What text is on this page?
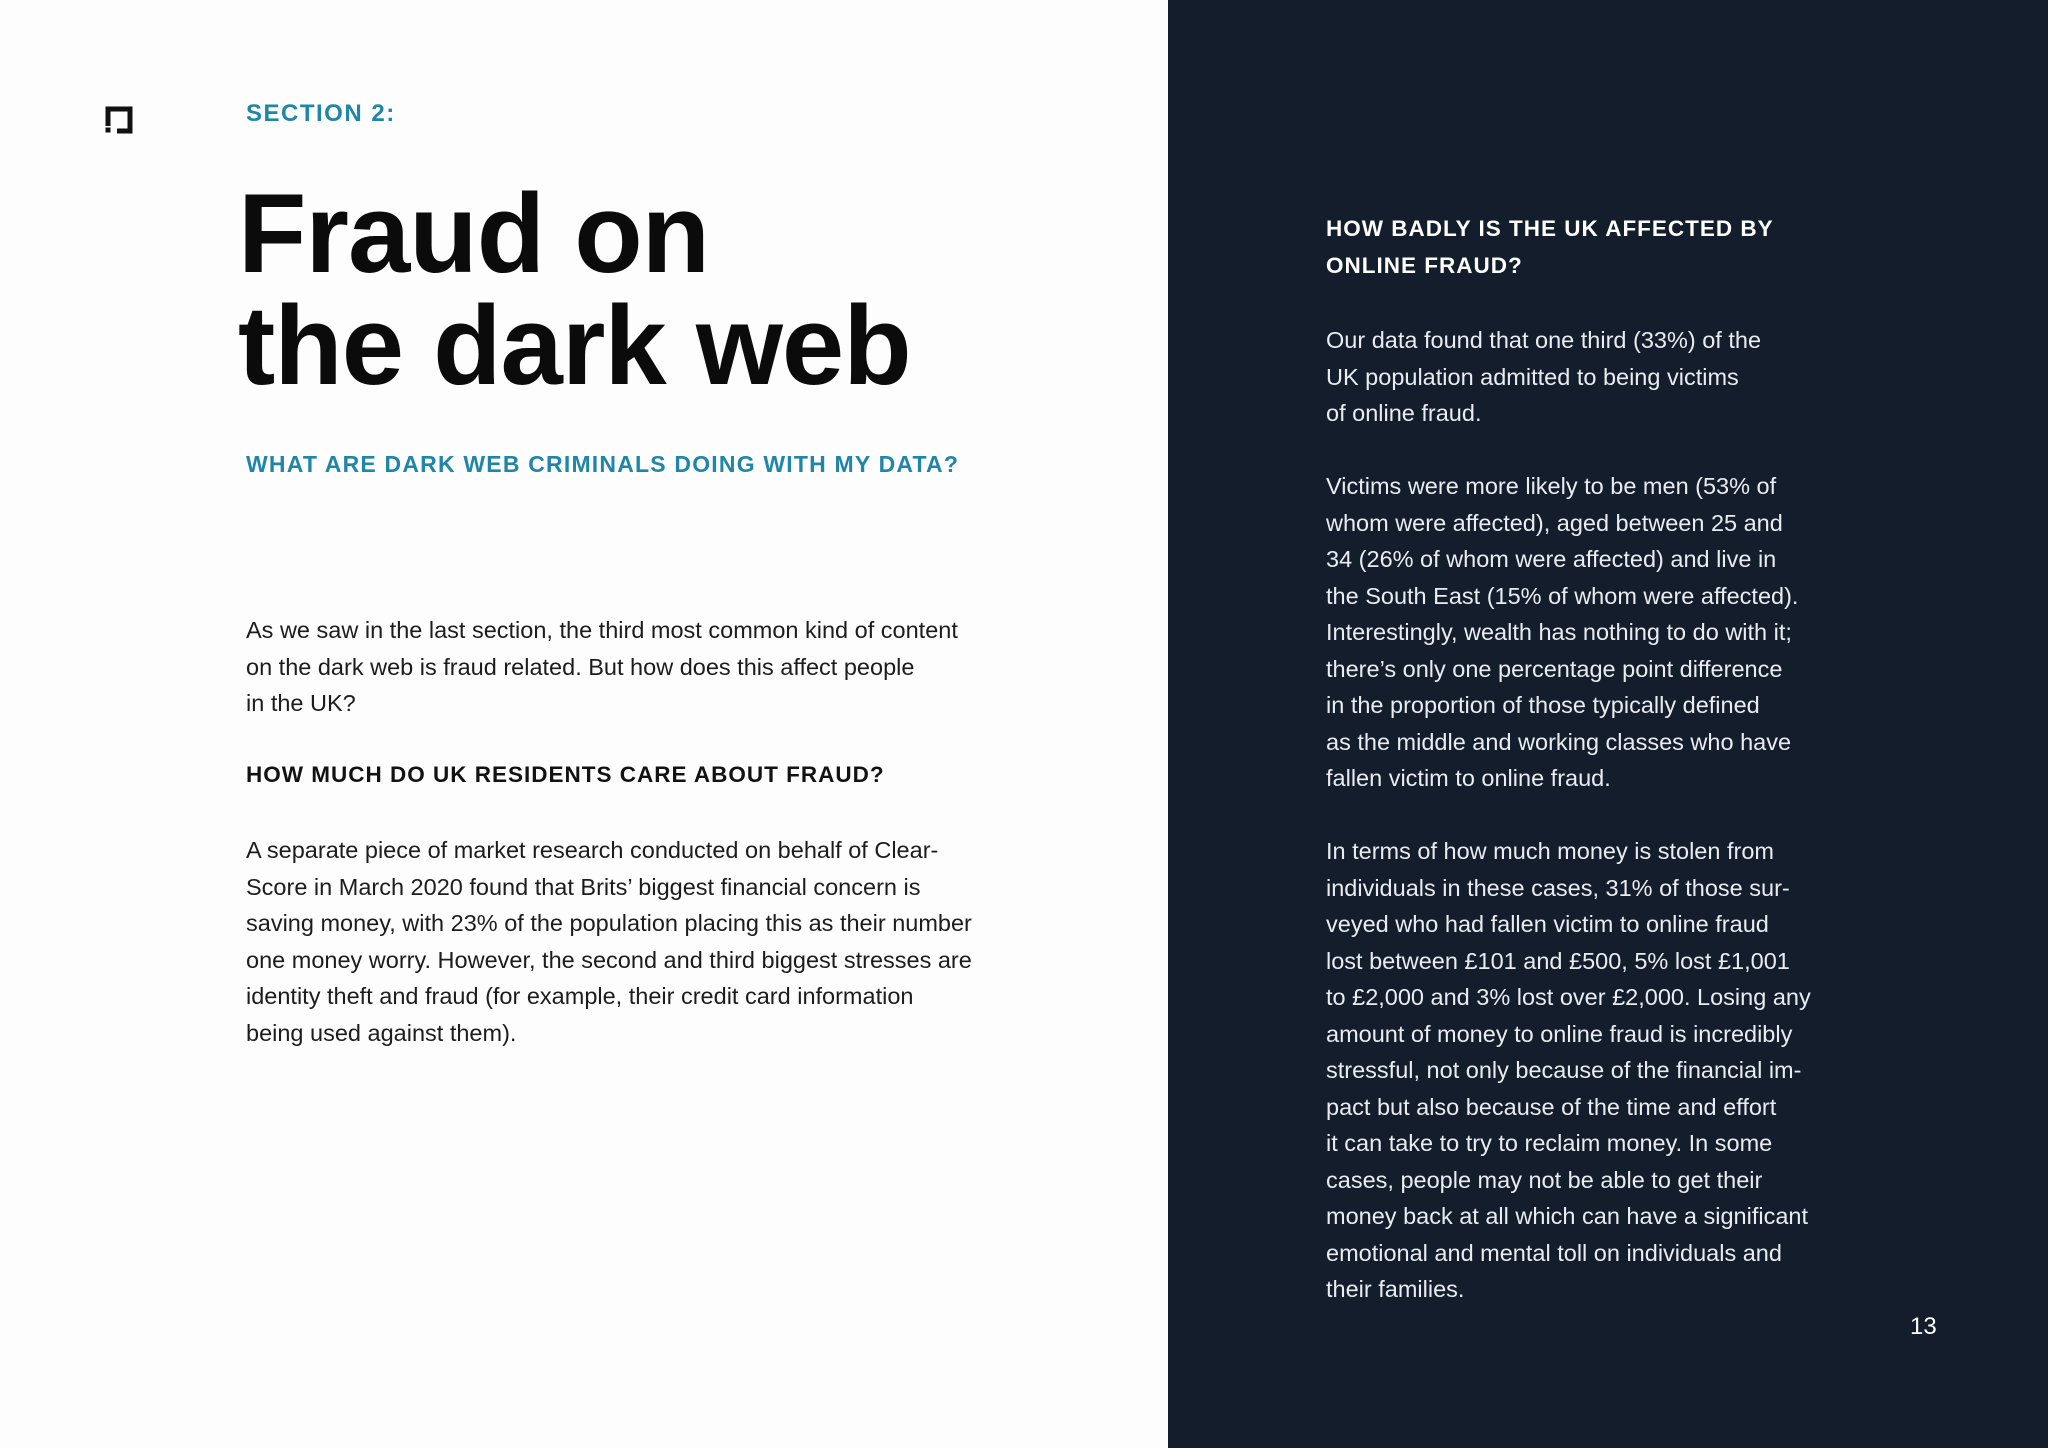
SECTION 2:

Fraud on
the dark web
WHAT ARE DARK WEB CRIMINALS DOING WITH MY DATA?

As we saw in the last section, the third most common kind of content
on the dark web is fraud related. But how does this affect people
in the UK?

HOW MUCH DO UK RESIDENTS CARE ABOUT FRAUD?

A separate piece of market research conducted on behalf of Clear-
Score in March 2020 found that Brits’ biggest financial concern is
saving money, with 23% of the population placing this as their number
one money worry. However, the second and third biggest stresses are
identity theft and fraud (for example, their credit card information
being used against them).

HOW BADLY IS THE UK AFFECTED BY
ONLINE FRAUD?

Our data found that one third (33%) of the
UK population admitted to being victims
of online fraud.

Victims were more likely to be men (53% of
whom were affected), aged between 25 and
34 (26% of whom were affected) and live in
the South East (15% of whom were affected).
Interestingly, wealth has nothing to do with it;
there’s only one percentage point difference
in the proportion of those typically defined
as the middle and working classes who have
fallen victim to online fraud.

In terms of how much money is stolen from
individuals in these cases, 31% of those sur-
veyed who had fallen victim to online fraud
lost between £101 and £500, 5% lost £1,001
to £2,000 and 3% lost over £2,000. Losing any
amount of money to online fraud is incredibly
stressful, not only because of the financial im-
pact but also because of the time and effort
it can take to try to reclaim money. In some
cases, people may not be able to get their
money back at all which can have a significant
emotional and mental toll on individuals and
their families.

13
